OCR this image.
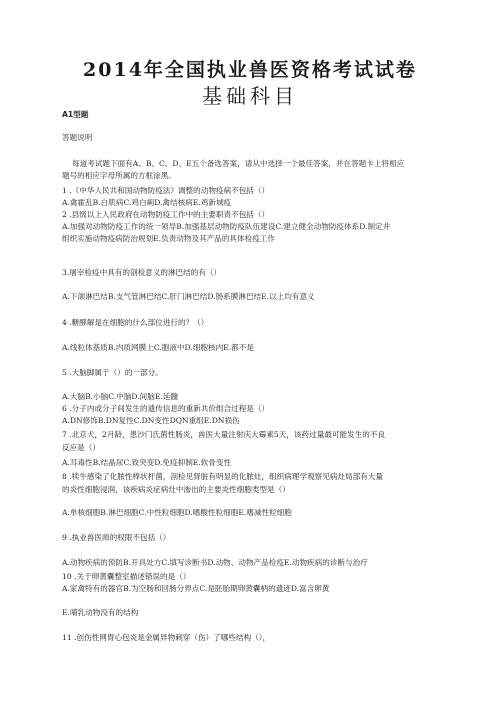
2014年全国执业兽医资格考试试卷
基础科目
A1型题
答题说明
每道考试题下面有A、B、C、D、E五个备选答案，请从中选择一个最佳答案，并在答题卡上将相应
题号的相应字母所属的方框涂黑。
1 .《中华人民共和国动物防疫法》调整的动物疫病不包括（）
A.禽霍乱B.白肌病C.鸡白痢D.禽结核病E.鸡新城疫
2 .县级以上人民政府在动物防疫工作中的主要职责不包括（）
A.加强对动物防疫工作的统一领导B.加强基层动物防疫队伍建设C.建立健全动物防疫体系D.制定并
组织实施动物疫病防治规划E.负责动物及其产品的具体检疫工作
3.屠宰检疫中具有的剖检意义的淋巴结的有（）
A.下颌淋巴结B.支气管淋巴结C.肝门淋巴结D.肠系膜淋巴结E.以上均有意义
4 .糖酵解是在细胞的什么部位进行的？（）
A.线粒体基质B.内质网膜上C.胞液中D.细胞核内E.都不是
5 .大脑脚属于（）的一部分。
A.大脑B.小脑C.中脑D.间脑E.延髓
6 .分子内或分子间发生的遗传信息的重新共价组合过程是（）
A.DN修饰B.DN复性C.DN变性DQN重组E.DN损伤
7 .北京犬，2月龄，患沙门氏菌性肠炎，兽医大量注射庆大霉素5天，该药过量最可能发生的不良
反应是（）
A.耳毒性B.结晶尿C.致突变D.免疫抑制E.软骨变性
8 .犊牛感染了化脓性棒状杆菌，剖检见肾脏有明显的化脓灶，组织病理学观察见病灶局部有大量
的炎性细胞浸润，该疾病炎症病灶中渗出的主要炎性细胞类型是（）
A.单核细胞B.淋巴细胞C.中性粒细胞D.嗜酸性粒细胞E.嗜减性粒细胞
9 .执业兽医师的权限不包括（）
A.动物疾病的预防B.开具处方C.填写诊断书D.动物、动物产品检疫E.动物疾病的诊断与治疗
10 .关于卵黄囊整室描述错误的是（）
A.家禽特有的器官B.为空肠和回肠分界点C.是胚胎期卵黄囊柄的遗迹D.富含卵黄
E.哺乳动物没有的结构
11 .创伤性网胃心包炎是金属异物刺穿（伤）了哪些结构（），
